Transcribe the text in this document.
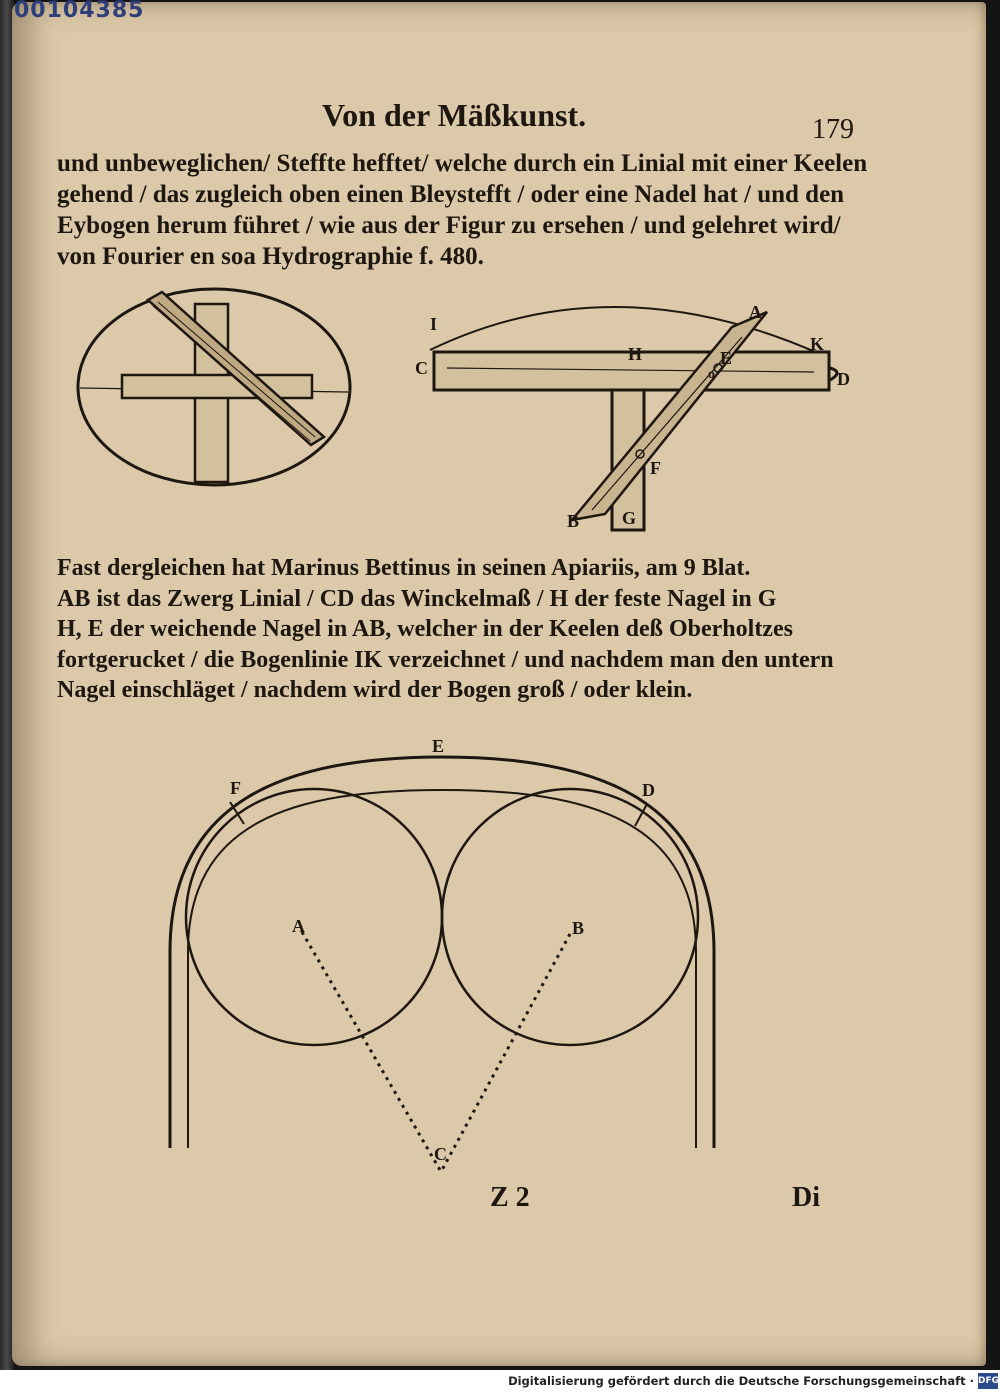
00104385
Von der Mäßkunst.	179
und unbeweglichen/ Steffte hefftet/ welche durch ein Linial mit einer Keelen
gehend / das zugleich oben einen Bleystefft / oder eine Nadel hat / und den
Eybogen herum führet / wie aus der Figur zu ersehen / und gelehret wird/
von Fourier en soa Hydrographie f. 480.
I
A
K
C
H	E
o	D
F
B G
Fast dergleichen hat Marinus Bettinus in seinen Apiariis, am 9 Blat.
AB ist das Zwerg Linial / CD das Winckelmaß / H der feste Nagel in G
H, E der weichende Nagel in AB, welcher in der Keelen deß Oberholtzes
fortgerucket / die Bogenlinie IK verzeichnet / und nachdem man den untern
Nagel einschläget / nachdem wird der Bogen groß / oder klein.
E
F	D
A	B
C
Z 2	Di
Digitalisierung gefördert durch die Deutsche Forschungsgemeinschaft · DFG
